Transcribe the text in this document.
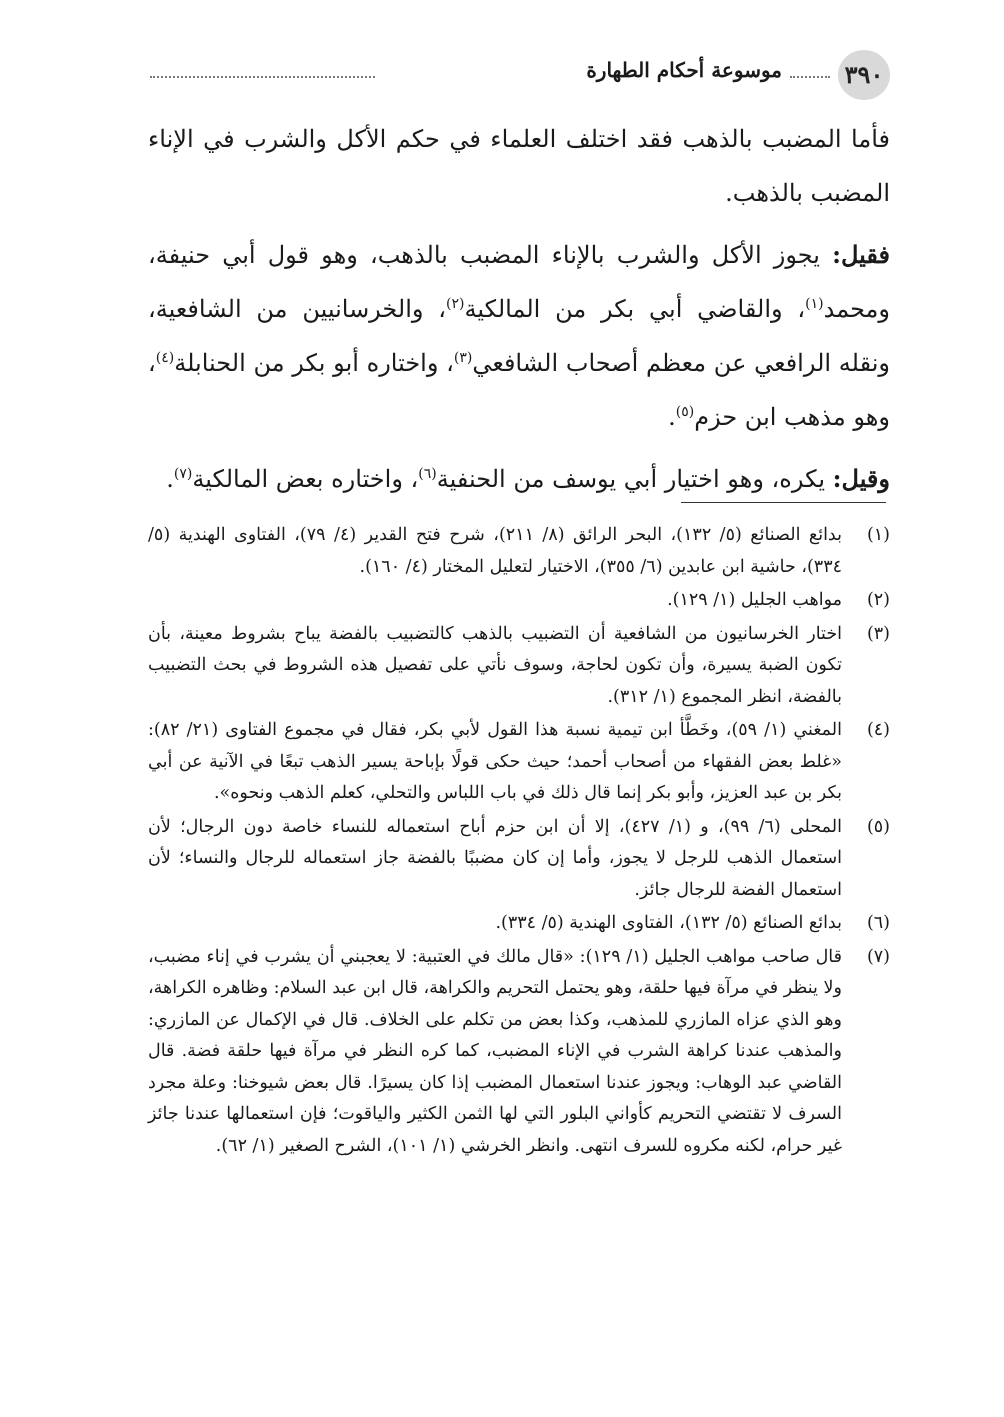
٣٩٠
موسوعة أحكام الطهارة

فأما المضبب بالذهب فقد اختلف العلماء في حكم الأكل والشرب في الإناء المضبب بالذهب.

فقيل: يجوز الأكل والشرب بالإناء المضبب بالذهب، وهو قول أبي حنيفة، ومحمد$^{(١)}$، والقاضي أبي بكر من المالكية$^{(٢)}$، والخرسانيين من الشافعية، ونقله الرافعي عن معظم أصحاب الشافعي$^{(٣)}$، واختاره أبو بكر من الحنابلة$^{(٤)}$، وهو مذهب ابن حزم$^{(٥)}$.

وقيل: يكره، وهو اختيار أبي يوسف من الحنفية$^{(٦)}$، واختاره بعض المالكية$^{(٧)}$.

(١)
بدائع الصنائع (٥/ ١٣٢)، البحر الرائق (٨/ ٢١١)، شرح فتح القدير (٤/ ٧٩)، الفتاوى الهندية (٥/ ٣٣٤)، حاشية ابن عابدين (٦/ ٣٥٥)، الاختيار لتعليل المختار (٤/ ١٦٠).
(٢)
مواهب الجليل (١/ ١٢٩).
(٣)
اختار الخرسانيون من الشافعية أن التضبيب بالذهب كالتضبيب بالفضة يباح بشروط معينة، بأن تكون الضبة يسيرة، وأن تكون لحاجة، وسوف نأتي على تفصيل هذه الشروط في بحث التضبيب بالفضة، انظر المجموع (١/ ٣١٢).
(٤)
المغني (١/ ٥٩)، وخَطَّأ ابن تيمية نسبة هذا القول لأبي بكر، فقال في مجموع الفتاوى (٢١/ ٨٢): «غلط بعض الفقهاء من أصحاب أحمد؛ حيث حكى قولًا بإباحة يسير الذهب تبعًا في الآنية عن أبي بكر بن عبد العزيز، وأبو بكر إنما قال ذلك في باب اللباس والتحلي، كعلم الذهب ونحوه».
(٥)
المحلى (٦/ ٩٩)، و (١/ ٤٢٧)، إلا أن ابن حزم أباح استعماله للنساء خاصة دون الرجال؛ لأن استعمال الذهب للرجل لا يجوز، وأما إن كان مضببًا بالفضة جاز استعماله للرجال والنساء؛ لأن استعمال الفضة للرجال جائز.
(٦)
بدائع الصنائع (٥/ ١٣٢)، الفتاوى الهندية (٥/ ٣٣٤).
(٧)
قال صاحب مواهب الجليل (١/ ١٢٩): «قال مالك في العتبية: لا يعجبني أن يشرب في إناء مضبب، ولا ينظر في مرآة فيها حلقة، وهو يحتمل التحريم والكراهة، قال ابن عبد السلام: وظاهره الكراهة، وهو الذي عزاه المازري للمذهب، وكذا بعض من تكلم على الخلاف. قال في الإكمال عن المازري: والمذهب عندنا كراهة الشرب في الإناء المضبب، كما كره النظر في مرآة فيها حلقة فضة. قال القاضي عبد الوهاب: ويجوز عندنا استعمال المضبب إذا كان يسيرًا. قال بعض شيوخنا: وعلة مجرد السرف لا تقتضي التحريم كأواني البلور التي لها الثمن الكثير والياقوت؛ فإن استعمالها عندنا جائز غير حرام، لكنه مكروه للسرف انتهى. وانظر الخرشي (١/ ١٠١)، الشرح الصغير (١/ ٦٢).
